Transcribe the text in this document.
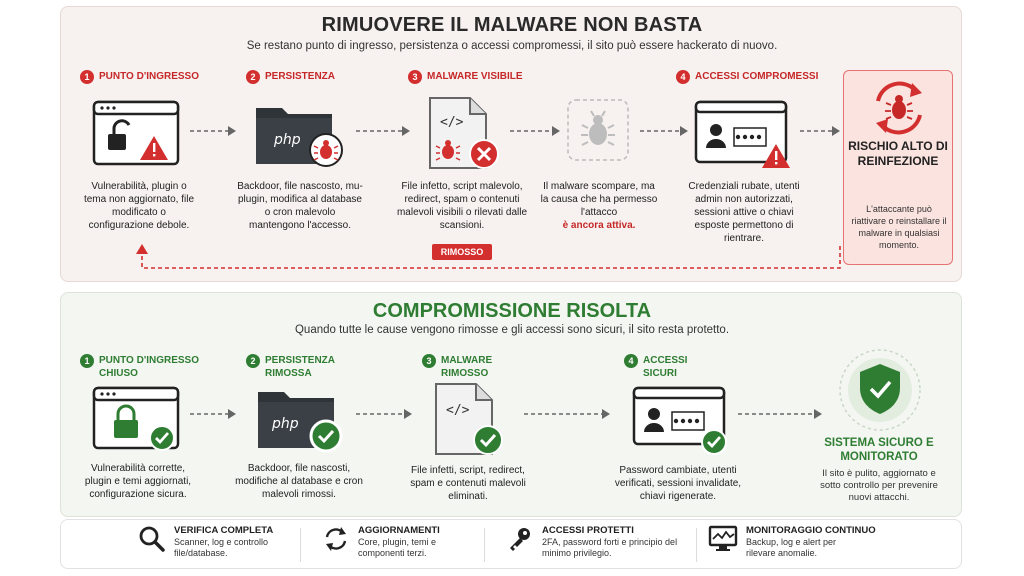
RIMUOVERE IL MALWARE NON BASTA
Se restano punto di ingresso, persistenza o accessi compromessi, il sito può essere hackerato di nuovo.
1 PUNTO D'INGRESSO	2 PERSISTENZA	3 MALWARE VISIBILE	4 ACCESSI COMPROMESSI
php
</>
Vulnerabilità, plugin o tema non aggiornato, file modificato o configurazione debole.
Backdoor, file nascosto, mu-plugin, modifica al database o cron malevolo mantengono l'accesso.
File infetto, script malevolo, redirect, spam o contenuti malevoli visibili o rilevati dalle scansioni.
Il malware scompare, ma la causa che ha permesso l'attacco
è ancora attiva.
Credenziali rubate, utenti admin non autorizzati, sessioni attive o chiavi esposte permettono di rientrare.
RIMOSSO
RISCHIO ALTO DI REINFEZIONE
L'attaccante può riattivare o reinstallare il malware in qualsiasi momento.
COMPROMISSIONE RISOLTA
Quando tutte le cause vengono rimosse e gli accessi sono sicuri, il sito resta protetto.
1 PUNTO D'INGRESSO CHIUSO
2 PERSISTENZA RIMOSSA
3 MALWARE RIMOSSO
4 ACCESSI SICURI
php
</>
Vulnerabilità corrette, plugin e temi aggiornati, configurazione sicura.
Backdoor, file nascosti, modifiche al database e cron malevoli rimossi.
File infetti, script, redirect, spam e contenuti malevoli eliminati.
Password cambiate, utenti verificati, sessioni invalidate, chiavi rigenerate.
SISTEMA SICURO E MONITORATO
Il sito è pulito, aggiornato e sotto controllo per prevenire nuovi attacchi.
VERIFICA COMPLETA
Scanner, log e controllo file/database.
AGGIORNAMENTI
Core, plugin, temi e componenti terzi.
ACCESSI PROTETTI
2FA, password forti e principio del minimo privilegio.
MONITORAGGIO CONTINUO
Backup, log e alert per rilevare anomalie.
